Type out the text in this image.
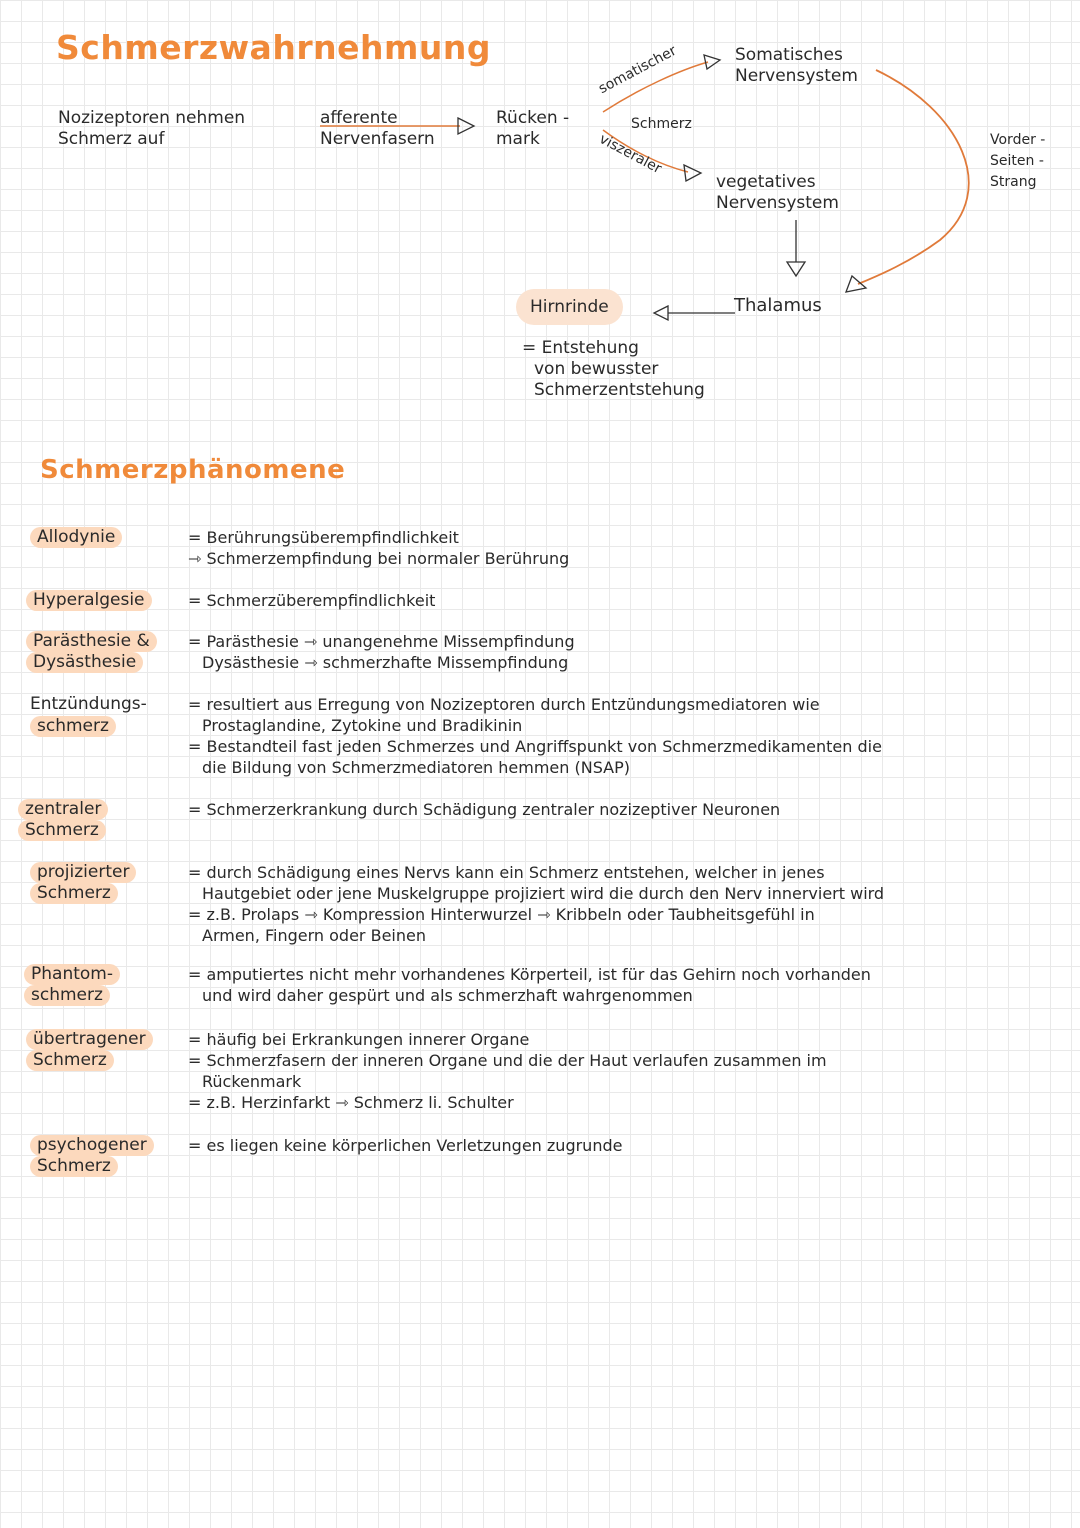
Schmerzwahrnehmung
Nozizeptoren nehmen
Schmerz auf
afferente
Nervenfasern
Rücken -
mark
somatischer
Schmerz
viszeraler
Somatisches
Nervensystem
vegetatives
Nervensystem
Vorder -
Seiten -
Strang
Thalamus
Hirnrinde
= Entstehung
von bewusster
Schmerzentstehung
Schmerzphänomene
Allodynie	= Berührungsüberempfindlichkeit
⇾ Schmerzempfindung bei normaler Berührung
Hyperalgesie	= Schmerzüberempfindlichkeit
Parästhesie &
Dysästhesie
= Parästhesie ⇾ unangenehme Missempfindung
Dysästhesie ⇾ schmerzhafte Missempfindung
Entzündungs-
schmerz
= resultiert aus Erregung von Nozizeptoren durch Entzündungsmediatoren wie
Prostaglandine, Zytokine und Bradikinin
= Bestandteil fast jeden Schmerzes und Angriffspunkt von Schmerzmedikamenten die
die Bildung von Schmerzmediatoren hemmen (NSAP)
zentraler
Schmerz
= Schmerzerkrankung durch Schädigung zentraler nozizeptiver Neuronen
projizierter
Schmerz
= durch Schädigung eines Nervs kann ein Schmerz entstehen, welcher in jenes
Hautgebiet oder jene Muskelgruppe projiziert wird die durch den Nerv innerviert wird
= z.B. Prolaps ⇾ Kompression Hinterwurzel ⇾ Kribbeln oder Taubheitsgefühl in
Armen, Fingern oder Beinen
Phantom-
schmerz
= amputiertes nicht mehr vorhandenes Körperteil, ist für das Gehirn noch vorhanden
und wird daher gespürt und als schmerzhaft wahrgenommen
übertragener
Schmerz
= häufig bei Erkrankungen innerer Organe
= Schmerzfasern der inneren Organe und die der Haut verlaufen zusammen im
Rückenmark
= z.B. Herzinfarkt ⇾ Schmerz li. Schulter
psychogener
Schmerz
= es liegen keine körperlichen Verletzungen zugrunde
